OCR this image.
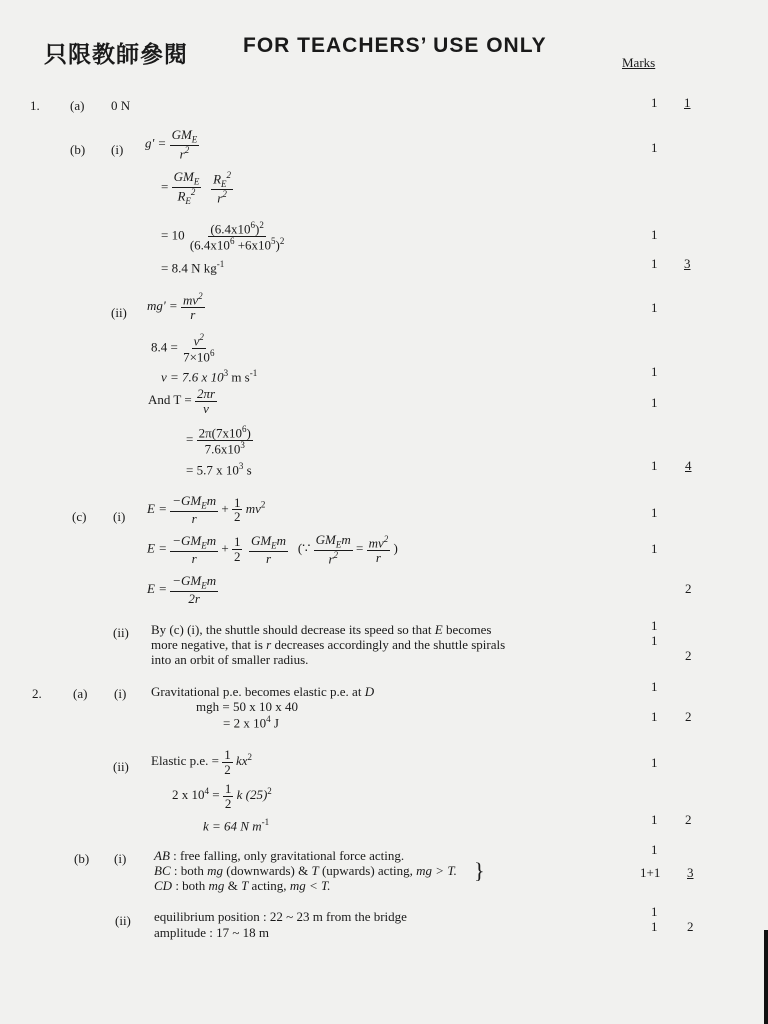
只限教師參閱	FOR TEACHERS’ USE ONLY
Marks
1. (a) 0 N	1 1
(b) (i) $g' = \frac{GM_E}{r^2}$
= $\frac{GM_E}{R_E^2}$
$\frac{R_E^2}{r^2}$
= $10 \frac{(6.4x10^6)^2}{(6.4x10^6 +6x10^5)^2}$
= 8.4 N $kg^{-1}$
1
1
1 3
(ii) $mg' = \frac{mv^2}{r}$
$8.4 = \frac{v^2}{7\times 10^6}$
v = 7.6 x $10^3$ m $s^{-1}$
And $T = \frac{2\pi r}{v}$
= $\frac{2\pi(7x10^6)}{7.6x10^3}$
= 5.7 x $10^3$ s
1
1
1
1 4
(c) (i)
$E = \frac{-GM_Em}{r} + \frac{1}{2} mv^2$
$E = \frac{-GM_Em}{r} + \frac{1}{2}$
$\frac{GM_Em}{r}$ (∵ $\frac{GM_Em}{r^2} = \frac{mv^2}{r}$ )
$E = \frac{-GM_Em}{2r}$
1
1
2
(ii) By (c) (i), the shuttle should decrease its speed so that E becomes
more negative, that is r decreases accordingly and the shuttle spirals
into an orbit of smaller radius.
1
1
2
2. (a) (i) Gravitational p.e. becomes elastic p.e. at D
mgh = 50 x 10 x 40
= 2 x $10^4$ J
1
1 2
(ii) Elastic p.e. = $\frac{1}{2} kx^2$
2 x $10^4 = \frac{1}{2}$ k $(25)^2$
k = 64 N $m^{-1}$
1
1 2
(b) (i) AB : free falling, only gravitational force acting.
BC : both mg (downwards) & T (upwards) acting, mg > T.
CD : both mg & T acting, mg < T.
}
1
1+1 3
(ii) equilibrium position : 22 ~ 23 m from the bridge
amplitude : 17 ~ 18 m
1
1 2
